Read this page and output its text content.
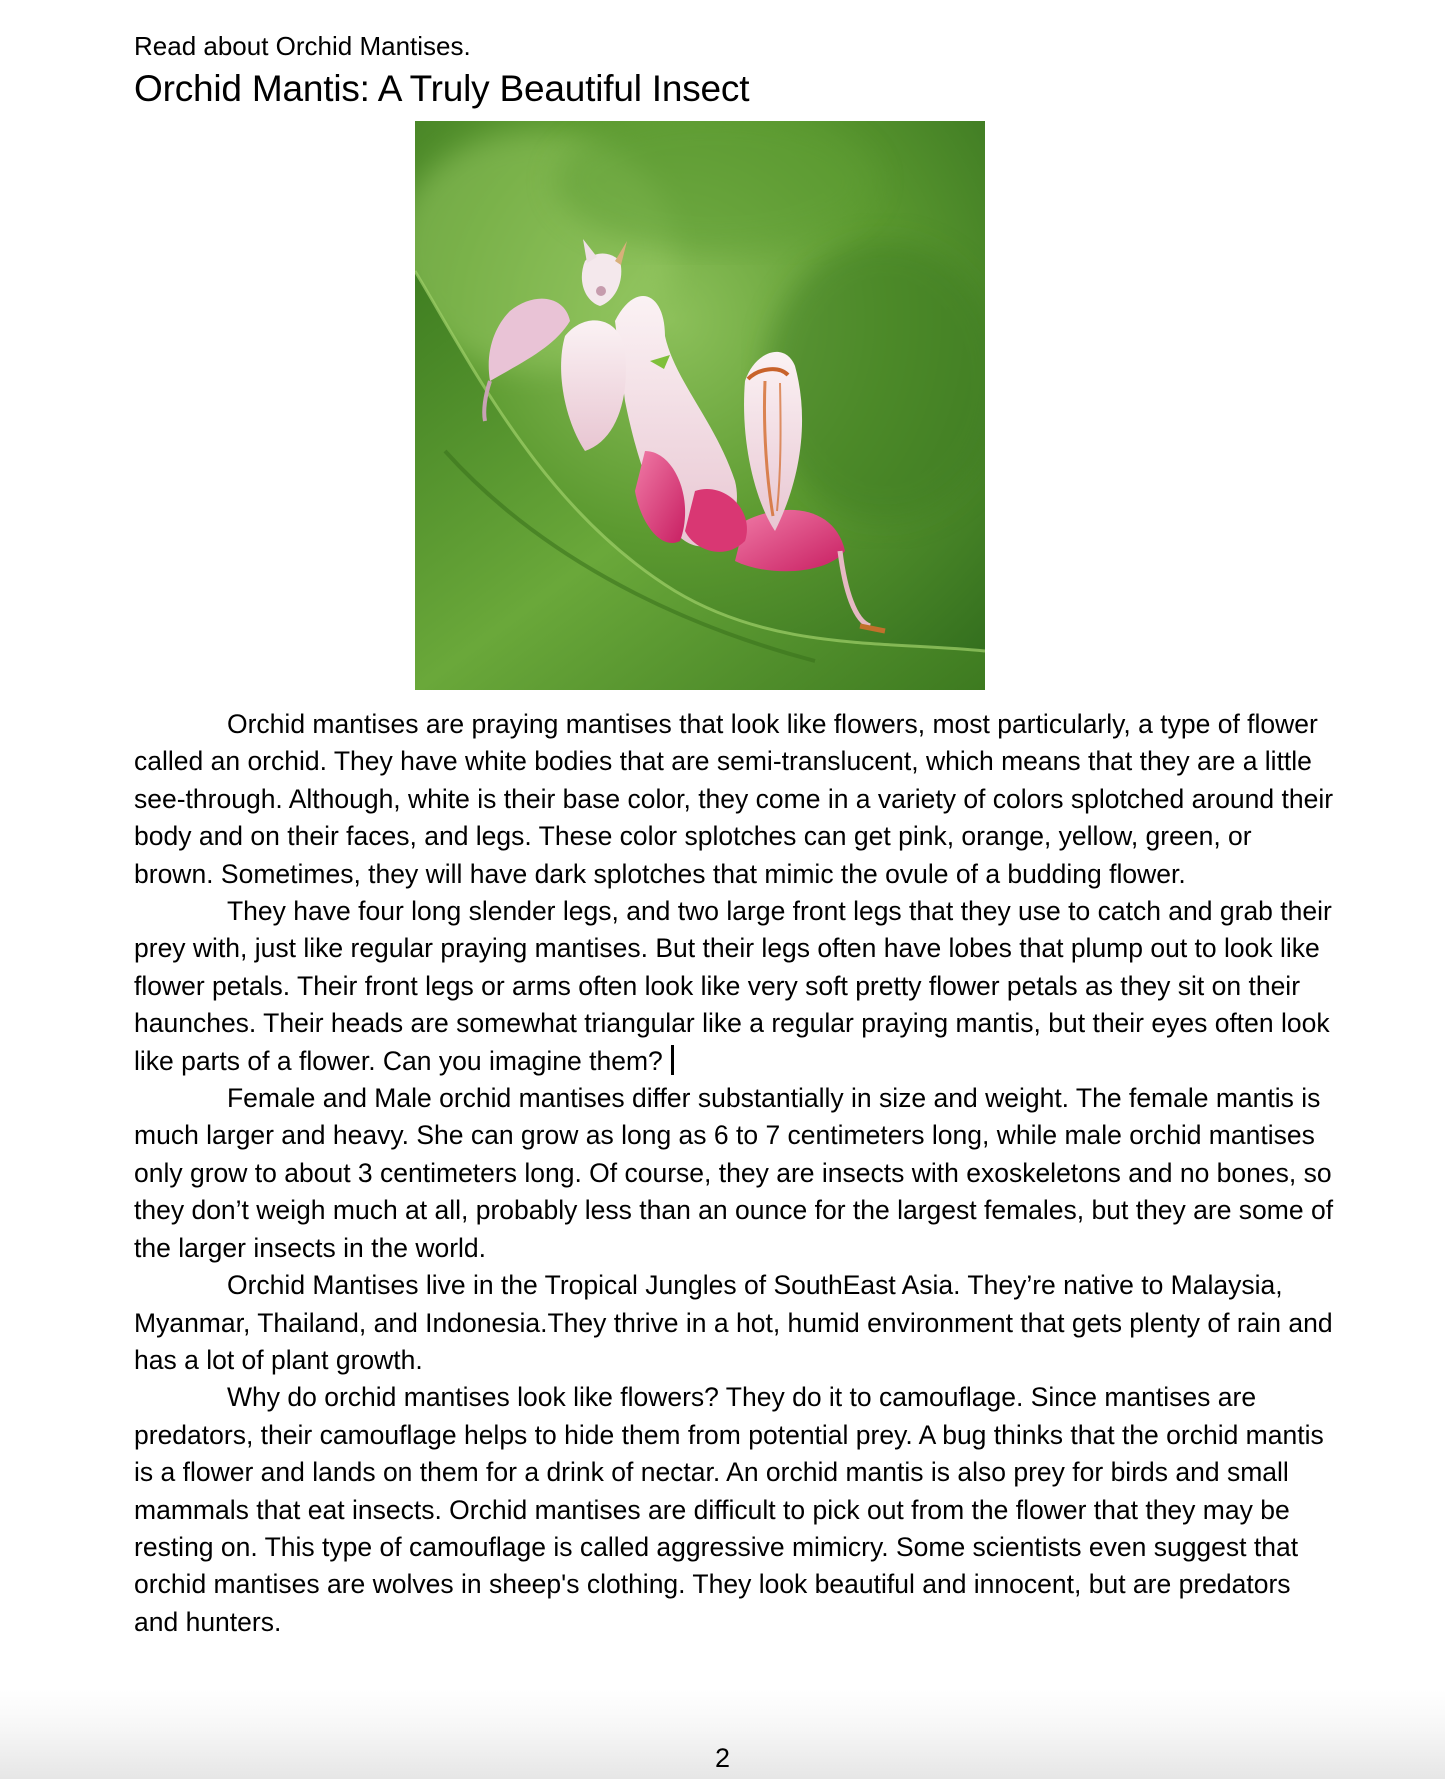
Read about Orchid Mantises.
Orchid Mantis: A Truly Beautiful Insect

Orchid mantises are praying mantises that look like flowers, most particularly, a type of flower called an orchid. They have white bodies that are semi-translucent, which means that they are a little see-through. Although, white is their base color, they come in a variety of colors splotched around their body and on their faces, and legs. These color splotches can get pink, orange, yellow, green, or brown. Sometimes, they will have dark splotches that mimic the ovule of a budding flower.

They have four long slender legs, and two large front legs that they use to catch and grab their prey with, just like regular praying mantises. But their legs often have lobes that plump out to look like flower petals. Their front legs or arms often look like very soft pretty flower petals as they sit on their haunches. Their heads are somewhat triangular like a regular praying mantis, but their eyes often look like parts of a flower. Can you imagine them?

Female and Male orchid mantises differ substantially in size and weight. The female mantis is much larger and heavy. She can grow as long as 6 to 7 centimeters long, while male orchid mantises only grow to about 3 centimeters long. Of course, they are insects with exoskeletons and no bones, so they don’t weigh much at all, probably less than an ounce for the largest females, but they are some of the larger insects in the world.

Orchid Mantises live in the Tropical Jungles of SouthEast Asia. They’re native to Malaysia, Myanmar, Thailand, and Indonesia.They thrive in a hot, humid environment that gets plenty of rain and has a lot of plant growth.

Why do orchid mantises look like flowers? They do it to camouflage. Since mantises are predators, their camouflage helps to hide them from potential prey. A bug thinks that the orchid mantis is a flower and lands on them for a drink of nectar. An orchid mantis is also prey for birds and small mammals that eat insects. Orchid mantises are difficult to pick out from the flower that they may be resting on. This type of camouflage is called aggressive mimicry. Some scientists even suggest that orchid mantises are wolves in sheep's clothing. They look beautiful and innocent, but are predators and hunters.

2
